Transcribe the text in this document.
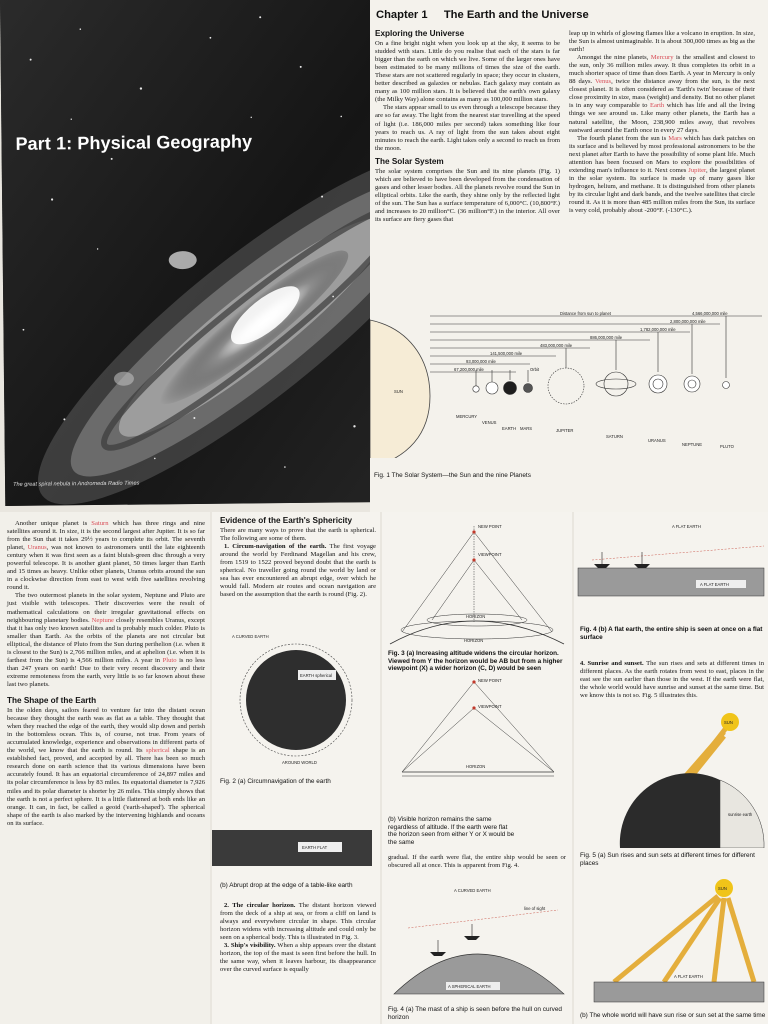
Part 1: Physical Geography
The great spiral nebula in Andromeda Radio Times
Chapter 1 The Earth and the Universe
Exploring the Universe

On a fine bright night when you look up at the sky, it seems to be studded with stars. Little do you realise that each of the stars is far bigger than the earth on which we live. Some of the larger ones have been estimated to be many millions of times the size of the earth. These stars are not scattered regularly in space; they occur in clusters, better described as galaxies or nebulas. Each galaxy may contain as many as 100 million stars. It is believed that the earth's own galaxy (the Milky Way) alone contains as many as 100,000 million stars.

The stars appear small to us even through a telescope because they are so far away. The light from the nearest star travelling at the speed of light (i.e. 186,000 miles per second) takes something like four years to reach us. A ray of light from the sun takes about eight minutes to reach the earth. Light takes only a second to reach us from the moon.

The Solar System

The solar system comprises the Sun and its nine planets (Fig. 1) which are believed to have been developed from the condensation of gases and other lesser bodies. All the planets revolve round the Sun in elliptical orbits. Like the earth, they shine only by the reflected light of the sun. The Sun has a surface temperature of 6,000°C. (10,800°F.) and increases to 20 million°C. (36 million°F.) in the interior. All over its surface are fiery gases that

leap up in whirls of glowing flames like a volcano in eruption. In size, the Sun is almost unimaginable. It is about 300,000 times as big as the earth!

Amongst the nine planets, Mercury is the smallest and closest to the sun, only 36 million miles away. It thus completes its orbit in a much shorter space of time than does Earth. A year in Mercury is only 88 days. Venus, twice the distance away from the sun, is the next closest planet. It is often considered as 'Earth's twin' because of their close proximity in size, mass (weight) and density. But no other planet is in any way comparable to Earth which has life and all the living things we see around us. Like many other planets, the Earth has a natural satellite, the Moon, 238,900 miles away, that revolves eastward around the Earth once in every 27 days.

The fourth planet from the sun is Mars which has dark patches on its surface and is believed by most professional astronomers to be the next planet after Earth to have the possibility of some plant life. Much attention has been focused on Mars to explore the possibilities of extending man's influence to it. Next comes Jupiter, the largest planet in the solar system. Its surface is made up of many gases like hydrogen, helium, and methane. It is distinguished from other planets by its circular light and dark bands, and the twelve satellites that circle round it. As it is more than 485 million miles from the Sun, its surface is very cold, probably about -200°F. (-130°C.).

SUN
Distance from sun to planet	4,566,000,000 mile
2,800,000,000 mile
1,782,000,000 mile
886,000,000 mile
483,000,000 mile
141,500,000 mile
93,000,000 mile
67,200,000 mile	Orbit
MERCURY
VENUS
EARTH MARS	JUPITER
SATURN
URANUS
NEPTUNE	PLUTO
Fig. 1 The Solar System—the Sun and the nine Planets

Another unique planet is Saturn which has three rings and nine satellites around it. In size, it is the second largest after Jupiter. It is so far from the Sun that it takes 29½ years to complete its orbit. The seventh planet, Uranus, was not known to astronomers until the late eighteenth century when it was first seen as a faint bluish-green disc through a very powerful telescope. It is another giant planet, 50 times larger than Earth and 15 times as heavy. Unlike other planets, Uranus orbits around the sun in a clockwise direction from east to west with five satellites revolving round it.

The two outermost planets in the solar system, Neptune and Pluto are just visible with telescopes. Their discoveries were the result of mathematical calculations on their irregular gravitational effects on neighbouring planetary bodies. Neptune closely resembles Uranus, except that it has only two known satellites and is probably much colder. Pluto is smaller than Earth. As the orbits of the planets are not circular but elliptical, the distance of Pluto from the Sun during perihelion (i.e. when it is closest to the Sun) is 2,766 million miles, and at aphelion (i.e. when it is farthest from the Sun) is 4,566 million miles. A year in Pluto is no less than 247 years on earth! Due to their very recent discovery and their extreme remoteness from the earth, very little is so far known about these last two planets.

The Shape of the Earth

In the olden days, sailors feared to venture far into the distant ocean because they thought the earth was as flat as a table. They thought that when they reached the edge of the earth, they would slip down and perish in the bottomless ocean. This is, of course, not true. From years of accumulated knowledge, experience and observations in different parts of the world, we know that the earth is round. Its spherical shape is an established fact, proved, and accepted by all. There has been so much research done on earth science that its various dimensions have been accurately found. It has an equatorial circumference of 24,897 miles and its polar circumference is less by 83 miles. Its equatorial diameter is 7,926 miles and its polar diameter is shorter by 26 miles. This simply shows that the earth is not a perfect sphere. It is a little flattened at both ends like an orange. It can, in fact, be called a geoid ('earth-shaped'). The spherical shape of the earth is also marked by the intervening highlands and oceans on its surface.

Evidence of the Earth's Sphericity

There are many ways to prove that the earth is spherical. The following are some of them.

1. Circum-navigation of the earth. The first voyage around the world by Ferdinand Magellan and his crew, from 1519 to 1522 proved beyond doubt that the earth is spherical. No traveller going round the world by land or sea has ever encountered an abrupt edge, over which he would fall. Modern air routes and ocean navigation are based on the assumption that the earth is round (Fig. 2).

EARTH spherical
A CURVED EARTH
AROUND WORLD
Fig. 2 (a) Circumnavigation of the earth
EARTH FLAT
(b) Abrupt drop at the edge of a table-like earth

2. The circular horizon. The distant horizon viewed from the deck of a ship at sea, or from a cliff on land is always and everywhere circular in shape. This circular horizon widens with increasing altitude and could only be seen on a spherical body. This is illustrated in Fig. 3.

3. Ship's visibility. When a ship appears over the distant horizon, the top of the mast is seen first before the hull. In the same way, when it leaves harbour, its disappearance over the curved surface is equally

NEW POINT
VIEWPOINT
HORIZON
HORIZON
Fig. 3 (a) Increasing altitude widens the circular horizon. Viewed from Y the horizon would be AB but from a higher viewpoint (X) a wider horizon (C, D) would be seen
NEW POINT
VIEWPOINT
HORIZON
(b) Visible horizon remains the same regardless of altitude. If the earth were flat the horizon seen from either Y or X would be the same
gradual. If the earth were flat, the entire ship would be seen or obscured all at once. This is apparent from Fig. 4.
A CURVED EARTH
A SPHERICAL EARTH
line of sight
Fig. 4 (a) The mast of a ship is seen before the hull on curved horizon
A FLAT EARTH
A FLAT EARTH
Fig. 4 (b) A flat earth, the entire ship is seen at once on a flat surface
4. Sunrise and sunset. The sun rises and sets at different times in different places. As the earth rotates from west to east, places in the east see the sun earlier than those in the west. If the earth were flat, the whole world would have sunrise and sunset at the same time. But we know this is not so. Fig. 5 illustrates this.
SUN
sunrise earth
Fig. 5 (a) Sun rises and sun sets at different times for different places
SUN
A FLAT EARTH
(b) The whole world will have sun rise or sun set at the same time
